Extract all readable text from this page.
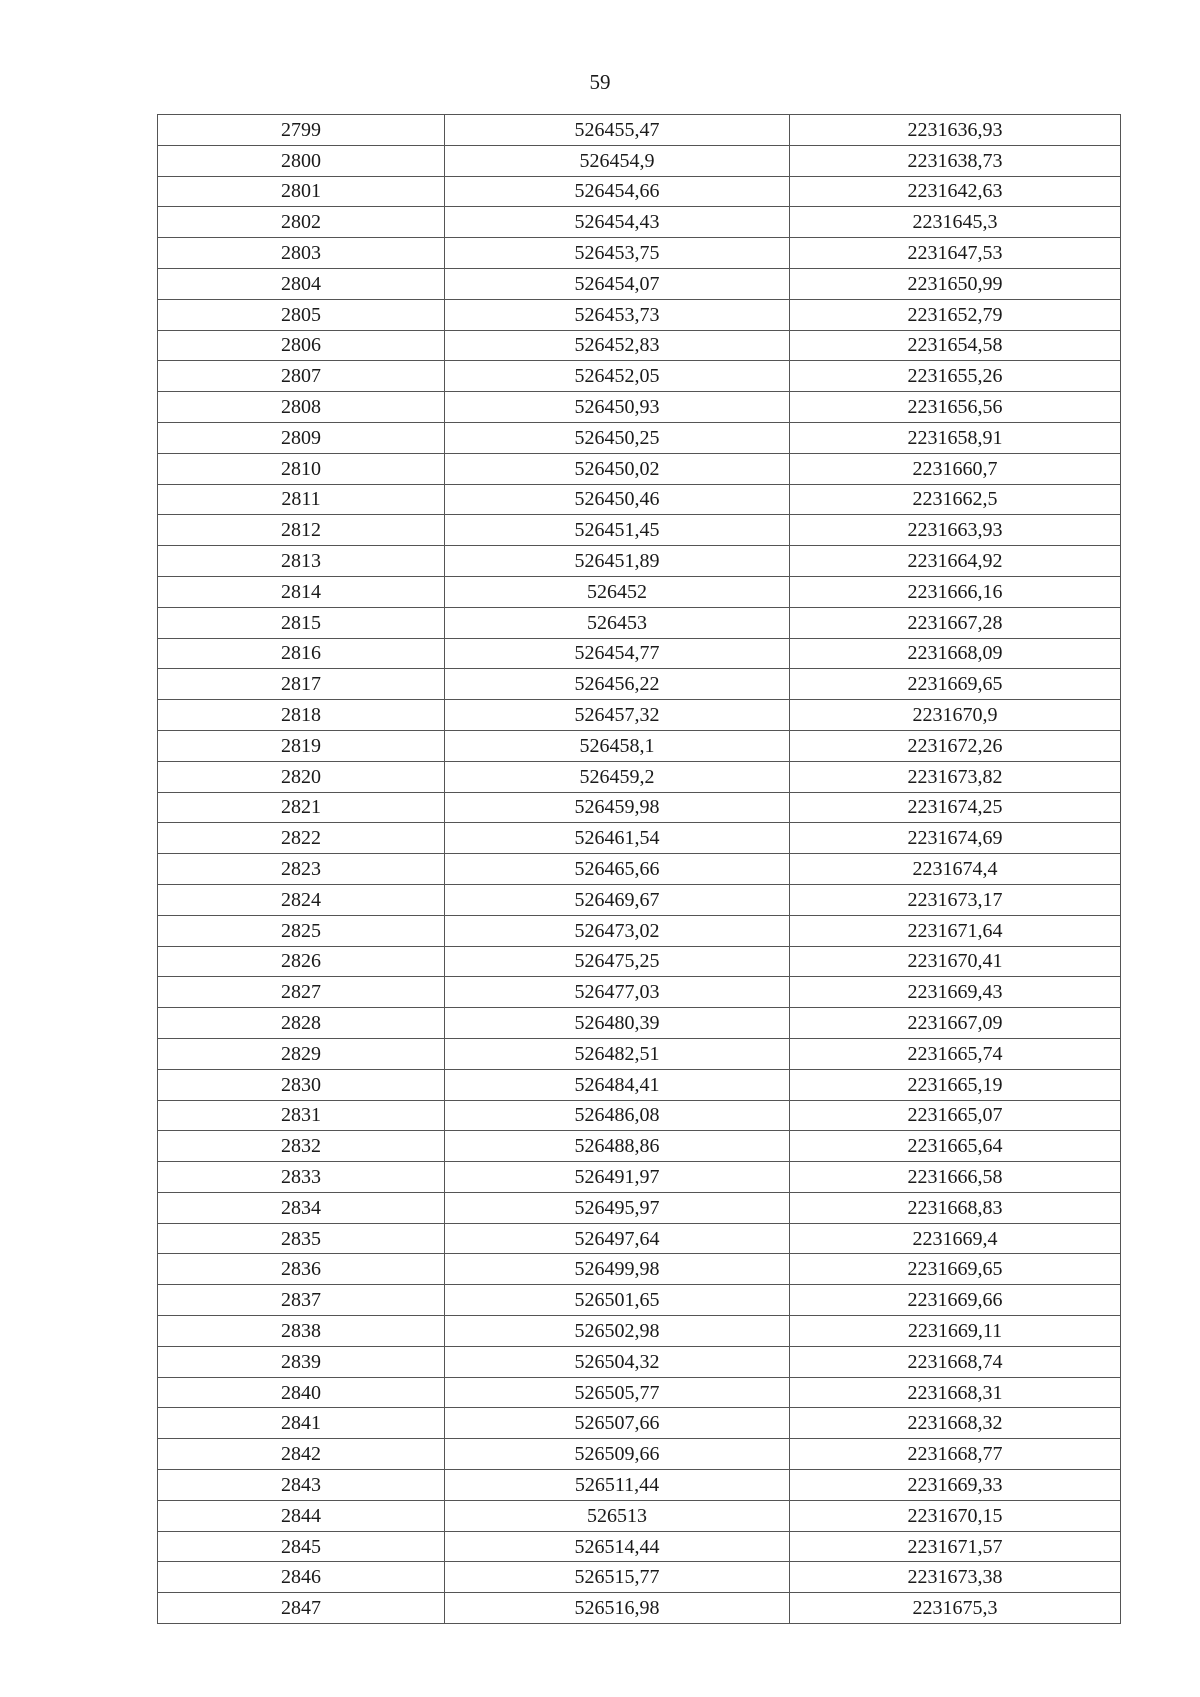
59
2799	526455,47	2231636,93
2800	526454,9	2231638,73
2801	526454,66	2231642,63
2802	526454,43	2231645,3
2803	526453,75	2231647,53
2804	526454,07	2231650,99
2805	526453,73	2231652,79
2806	526452,83	2231654,58
2807	526452,05	2231655,26
2808	526450,93	2231656,56
2809	526450,25	2231658,91
2810	526450,02	2231660,7
2811	526450,46	2231662,5
2812	526451,45	2231663,93
2813	526451,89	2231664,92
2814	526452	2231666,16
2815	526453	2231667,28
2816	526454,77	2231668,09
2817	526456,22	2231669,65
2818	526457,32	2231670,9
2819	526458,1	2231672,26
2820	526459,2	2231673,82
2821	526459,98	2231674,25
2822	526461,54	2231674,69
2823	526465,66	2231674,4
2824	526469,67	2231673,17
2825	526473,02	2231671,64
2826	526475,25	2231670,41
2827	526477,03	2231669,43
2828	526480,39	2231667,09
2829	526482,51	2231665,74
2830	526484,41	2231665,19
2831	526486,08	2231665,07
2832	526488,86	2231665,64
2833	526491,97	2231666,58
2834	526495,97	2231668,83
2835	526497,64	2231669,4
2836	526499,98	2231669,65
2837	526501,65	2231669,66
2838	526502,98	2231669,11
2839	526504,32	2231668,74
2840	526505,77	2231668,31
2841	526507,66	2231668,32
2842	526509,66	2231668,77
2843	526511,44	2231669,33
2844	526513	2231670,15
2845	526514,44	2231671,57
2846	526515,77	2231673,38
2847	526516,98	2231675,3
